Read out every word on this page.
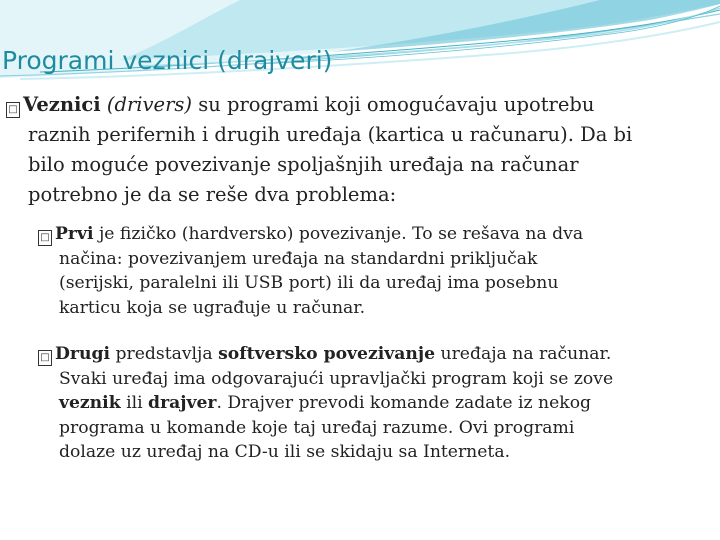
Programi veznici (drajveri)
□ Veznici (drivers) su programi koji omogućavaju upotrebu
raznih perifernih i drugih uređaja (kartica u računaru). Da bi
bilo moguće povezivanje spoljašnjih uređaja na računar
potrebno je da se reše dva problema:
□ Prvi je fizičko (hardversko) povezivanje. To se rešava na dva
načina: povezivanjem uređaja na standardni priključak
(serijski, paralelni ili USB port) ili da uređaj ima posebnu
karticu koja se ugrađuje u računar.
□ Drugi predstavlja softversko povezivanje uređaja na računar.
Svaki uređaj ima odgovarajući upravljački program koji se zove
veznik ili drajver. Drajver prevodi komande zadate iz nekog
programa u komande koje taj uređaj razume. Ovi programi
dolaze uz uređaj na CD-u ili se skidaju sa Interneta.
